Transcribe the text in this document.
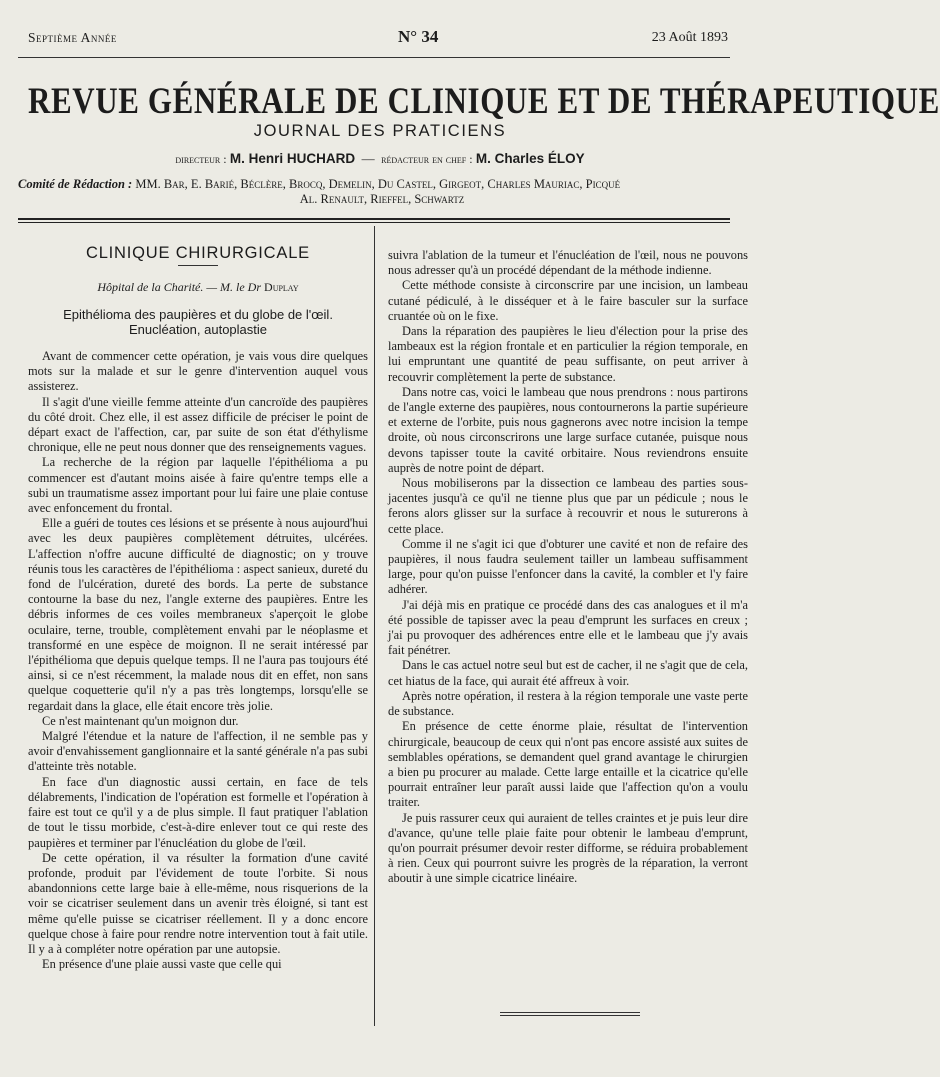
Septième Année	N° 34	23 Août 1893
REVUE GÉNÉRALE DE CLINIQUE ET DE THÉRAPEUTIQUE
JOURNAL DES PRATICIENS
directeur : M. Henri HUCHARD  —  rédacteur en chef : M. Charles ÉLOY
Comité de Rédaction : MM. Bar, E. Barié, Béclère, Brocq, Demelin, Du Castel, Girgeot, Charles Mauriac, Picqué
Al. Renault, Rieffel, Schwartz
CLINIQUE CHIRURGICALE
Hôpital de la Charité. — M. le Dr Duplay
Epithélioma des paupières et du globe de l'œil.
Enucléation, autoplastie

Avant de commencer cette opération, je vais vous dire quelques mots sur la malade et sur le genre d'intervention auquel vous assisterez.

Il s'agit d'une vieille femme atteinte d'un cancroïde des paupières du côté droit. Chez elle, il est assez difficile de préciser le point de départ exact de l'affection, car, par suite de son état d'éthylisme chronique, elle ne peut nous donner que des renseignements vagues.

La recherche de la région par laquelle l'épithélioma a pu commencer est d'autant moins aisée à faire qu'entre temps elle a subi un traumatisme assez important pour lui faire une plaie contuse avec enfoncement du frontal.

Elle a guéri de toutes ces lésions et se présente à nous aujourd'hui avec les deux paupières complètement détruites, ulcérées. L'affection n'offre aucune difficulté de diagnostic; on y trouve réunis tous les caractères de l'épithélioma : aspect sanieux, dureté du fond de l'ulcération, dureté des bords. La perte de substance contourne la base du nez, l'angle externe des paupières. Entre les débris informes de ces voiles membraneux s'aperçoit le globe oculaire, terne, trouble, complètement envahi par le néoplasme et transformé en une espèce de moignon. Il ne serait intéressé par l'épithélioma que depuis quelque temps. Il ne l'aura pas toujours été ainsi, si ce n'est récemment, la malade nous dit en effet, non sans quelque coquetterie qu'il n'y a pas très longtemps, lorsqu'elle se regardait dans la glace, elle était encore très jolie.

Ce n'est maintenant qu'un moignon dur.

Malgré l'étendue et la nature de l'affection, il ne semble pas y avoir d'envahissement ganglionnaire et la santé générale n'a pas subi d'atteinte très notable.

En face d'un diagnostic aussi certain, en face de tels délabrements, l'indication de l'opération est formelle et l'opération à faire est tout ce qu'il y a de plus simple. Il faut pratiquer l'ablation de tout le tissu morbide, c'est-à-dire enlever tout ce qui reste des paupières et terminer par l'énucléation du globe de l'œil.

De cette opération, il va résulter la formation d'une cavité profonde, produit par l'évidement de toute l'orbite. Si nous abandonnions cette large baie à elle-même, nous risquerions de la voir se cicatriser seulement dans un avenir très éloigné, si tant est même qu'elle puisse se cicatriser réellement. Il y a donc encore quelque chose à faire pour rendre notre intervention tout à fait utile. Il y a à compléter notre opération par une autopsie.

En présence d'une plaie aussi vaste que celle qui

suivra l'ablation de la tumeur et l'énucléation de l'œil, nous ne pouvons nous adresser qu'à un procédé dépendant de la méthode indienne.

Cette méthode consiste à circonscrire par une incision, un lambeau cutané pédiculé, à le disséquer et à le faire basculer sur la surface cruantée où on le fixe.

Dans la réparation des paupières le lieu d'élection pour la prise des lambeaux est la région frontale et en particulier la région temporale, en lui empruntant une quantité de peau suffisante, on peut arriver à recouvrir complètement la perte de substance.

Dans notre cas, voici le lambeau que nous prendrons : nous partirons de l'angle externe des paupières, nous contournerons la partie supérieure et externe de l'orbite, puis nous gagnerons avec notre incision la tempe droite, où nous circonscrirons une large surface cutanée, puisque nous devons tapisser toute la cavité orbitaire. Nous reviendrons ensuite auprès de notre point de départ.

Nous mobiliserons par la dissection ce lambeau des parties sous-jacentes jusqu'à ce qu'il ne tienne plus que par un pédicule ; nous le ferons alors glisser sur la surface à recouvrir et nous le suturerons à cette place.

Comme il ne s'agit ici que d'obturer une cavité et non de refaire des paupières, il nous faudra seulement tailler un lambeau suffisamment large, pour qu'on puisse l'enfoncer dans la cavité, la combler et l'y faire adhérer.

J'ai déjà mis en pratique ce procédé dans des cas analogues et il m'a été possible de tapisser avec la peau d'emprunt les surfaces en creux ; j'ai pu provoquer des adhérences entre elle et le lambeau que j'y avais fait pénétrer.

Dans le cas actuel notre seul but est de cacher, il ne s'agit que de cela, cet hiatus de la face, qui aurait été affreux à voir.

Après notre opération, il restera à la région temporale une vaste perte de substance.

En présence de cette énorme plaie, résultat de l'intervention chirurgicale, beaucoup de ceux qui n'ont pas encore assisté aux suites de semblables opérations, se demandent quel grand avantage le chirurgien a bien pu procurer au malade. Cette large entaille et la cicatrice qu'elle pourrait entraîner leur paraît aussi laide que l'affection qu'on a voulu traiter.

Je puis rassurer ceux qui auraient de telles craintes et je puis leur dire d'avance, qu'une telle plaie faite pour obtenir le lambeau d'emprunt, qu'on pourrait présumer devoir rester difforme, se réduira probablement à rien. Ceux qui pourront suivre les progrès de la réparation, la verront aboutir à une simple cicatrice linéaire.
